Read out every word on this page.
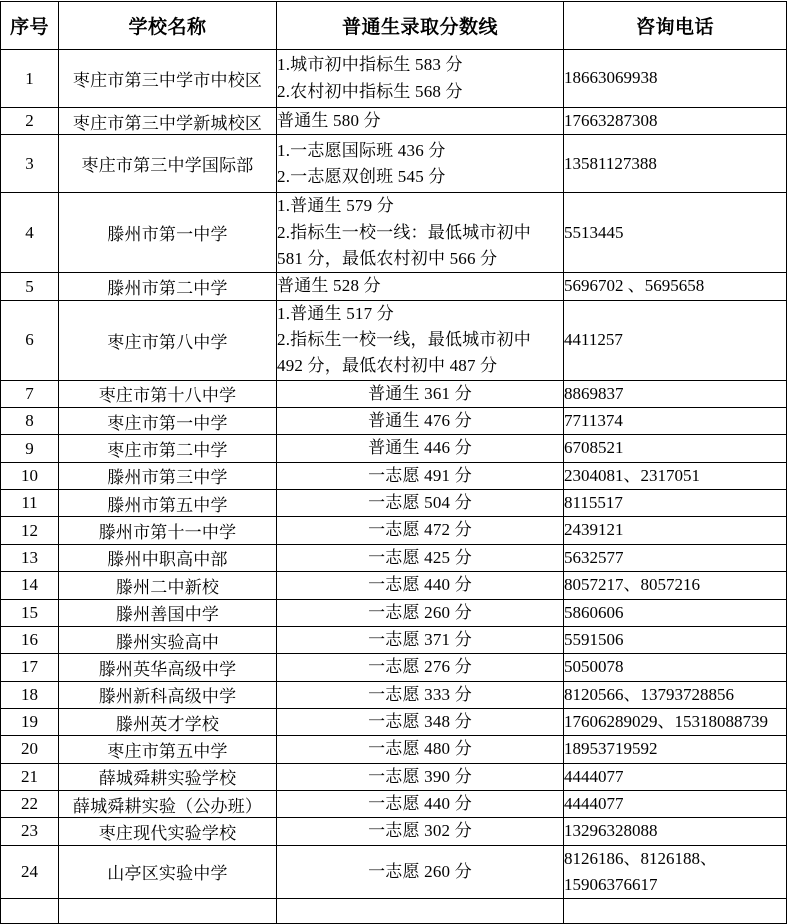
序号	学校名称	普通生录取分数线	咨询电话
1	枣庄市第三中学市中校区	1.城市初中指标生 583 分
2.农村初中指标生 568 分	18663069938

2	枣庄市第三中学新城校区	普通生 580 分	17663287308

3	枣庄市第三中学国际部	1.一志愿国际班 436 分
2.一志愿双创班 545 分	13581127388

4	滕州市第一中学	1.普通生 579 分
2.指标生一校一线：最低城市初中
581 分，最低农村初中 566 分	5513445

5	滕州市第二中学	普通生 528 分	5696702 、5695658

6	枣庄市第八中学	1.普通生 517 分
2.指标生一校一线，最低城市初中
492 分，最低农村初中 487 分	4411257

7	枣庄市第十八中学	普通生 361 分	8869837

8	枣庄市第一中学	普通生 476 分	7711374

9	枣庄市第二中学	普通生 446 分	6708521

10	滕州市第三中学	一志愿 491 分	2304081、2317051

11	滕州市第五中学	一志愿 504 分	8115517

12	滕州市第十一中学	一志愿 472 分	2439121

13	滕州中职高中部	一志愿 425 分	5632577

14	滕州二中新校	一志愿 440 分	8057217、8057216

15	滕州善国中学	一志愿 260 分	5860606

16	滕州实验高中	一志愿 371 分	5591506

17	滕州英华高级中学	一志愿 276 分	5050078

18	滕州新科高级中学	一志愿 333 分	8120566、13793728856

19	滕州英才学校	一志愿 348 分	17606289029、15318088739

20	枣庄市第五中学	一志愿 480 分	18953719592

21	薛城舜耕实验学校	一志愿 390 分	4444077

22	薛城舜耕实验（公办班）	一志愿 440 分	4444077

23	枣庄现代实验学校	一志愿 302 分	13296328088

24	山亭区实验中学	一志愿 260 分	8126186、8126188、
15906376617
